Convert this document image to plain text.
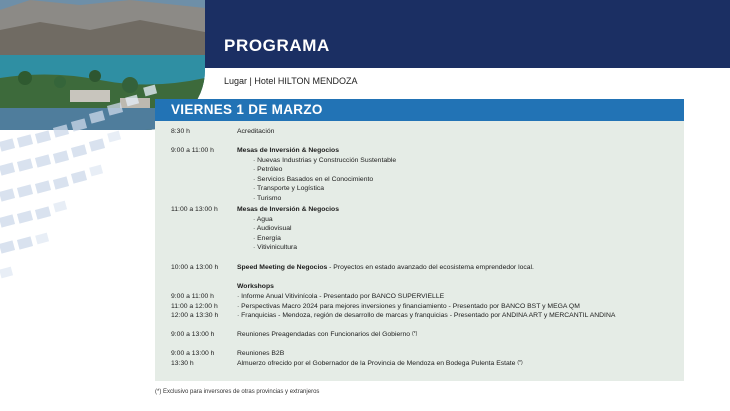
PROGRAMA
Lugar | Hotel HILTON MENDOZA
VIERNES 1 DE MARZO
8:30 h	Acreditación
9:00 a 11:00 h	Mesas de Inversión & Negocios
· Nuevas Industrias y Construcción Sustentable
· Petróleo
· Servicios Basados en el Conocimiento
· Transporte y Logística
· Turismo
11:00 a 13:00 h	Mesas de Inversión & Negocios
· Agua
· Audiovisual
· Energía
· Vitivinicultura
10:00 a 13:00 h	Speed Meeting de Negocios - Proyectos en estado avanzado del ecosistema emprendedor local.
Workshops
9:00 a 11:00 h	· Informe Anual Vitivinícola - Presentado por BANCO SUPERVIELLE
11:00 a 12:00 h	· Perspectivas Macro 2024 para mejores inversiones y financiamiento - Presentado por BANCO BST y MEGA QM
12:00 a 13:30 h	· Franquicias - Mendoza, región de desarrollo de marcas y franquicias - Presentado por ANDINA ART y MERCANTIL ANDINA
9:00 a 13:00 h	Reuniones Preagendadas con Funcionarios del Gobierno (*)
9:00 a 13:00 h	Reuniones B2B
13:30 h	Almuerzo ofrecido por el Gobernador de la Provincia de Mendoza en Bodega Pulenta Estate (*)
(*) Exclusivo para inversores de otras provincias y extranjeros
